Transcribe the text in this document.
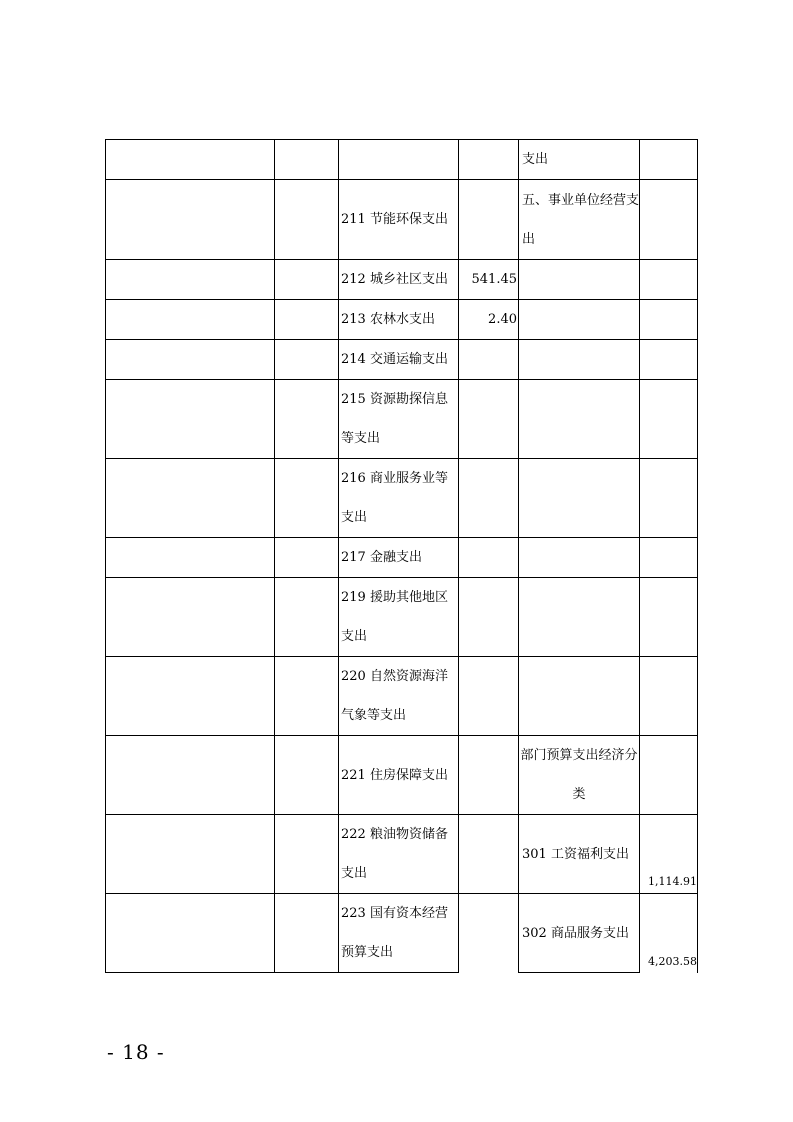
				支出	

		211 节能环保支出		五、事业单位经营支出	

		212 城乡社区支出	541.45		

		213 农林水支出	2.40		

		214 交通运输支出			

		215 资源勘探信息等支出			

		216 商业服务业等支出			

		217 金融支出			

		219 援助其他地区支出			

		220 自然资源海洋气象等支出			

		221 住房保障支出		部门预算支出经济分类	

		222 粮油物资储备支出		301 工资福利支出	1,114.91

		223 国有资本经营预算支出		302 商品服务支出	4,203.58
- 18 -
